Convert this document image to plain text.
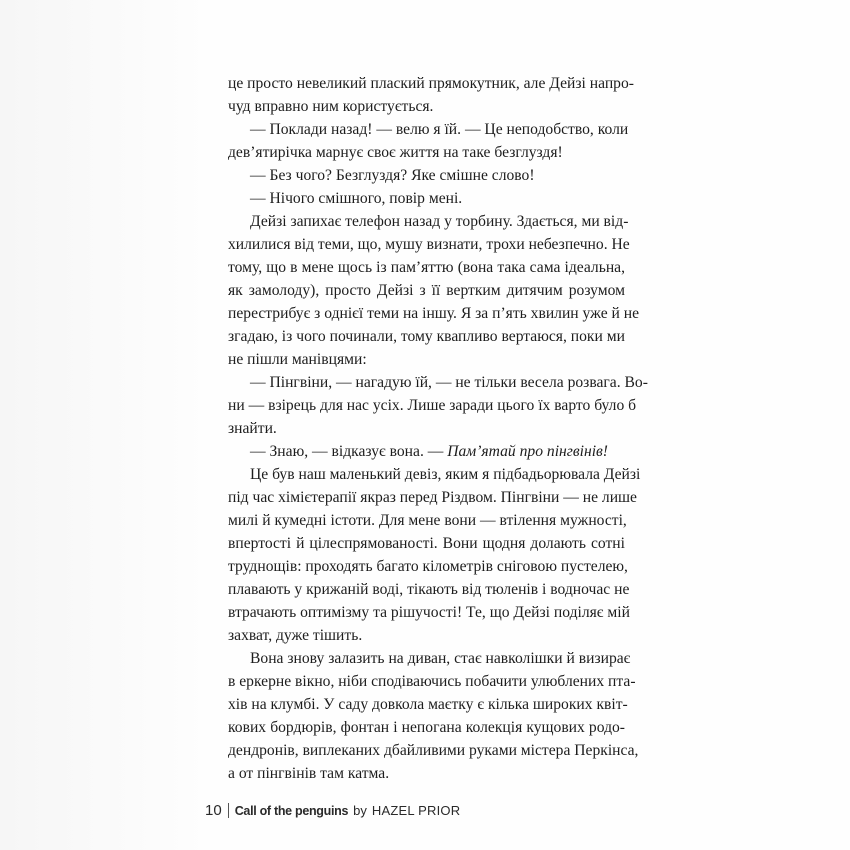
це просто невеликий плаский прямокутник, але Дейзі напро-
чуд вправно ним користується.
— Поклади назад! — велю я їй. — Це неподобство, коли
дев’ятирічка марнує своє життя на таке безглуздя!
— Без чого? Безглуздя? Яке смішне слово!
— Нічого смішного, повір мені.
Дейзі запихає телефон назад у торбину. Здається, ми від-
хилилися від теми, що, мушу визнати, трохи небезпечно. Не
тому, що в мене щось із пам’яттю (вона така сама ідеальна,
як замолоду), просто Дейзі з її вертким дитячим розумом
перестрибує з однієї теми на іншу. Я за п’ять хвилин уже й не
згадаю, із чого починали, тому квапливо вертаюся, поки ми
не пішли манівцями:
— Пінгвіни, — нагадую їй, — не тільки весела розвага. Во-
ни — взірець для нас усіх. Лише заради цього їх варто було б
знайти.
— Знаю, — відказує вона. — Пам’ятай про пінгвінів!
Це був наш маленький девіз, яким я підбадьорювала Дейзі
під час хімієтерапії якраз перед Різдвом. Пінгвіни — не лише
милі й кумедні істоти. Для мене вони — втілення мужності,
впертості й цілеспрямованості. Вони щодня долають сотні
труднощів: проходять багато кілометрів сніговою пустелею,
плавають у крижаній воді, тікають від тюленів і водночас не
втрачають оптимізму та рішучості! Те, що Дейзі поділяє мій
захват, дуже тішить.
Вона знову залазить на диван, стає навколішки й визирає
в еркерне вікно, ніби сподіваючись побачити улюблених пта-
хів на клумбі. У саду довкола маєтку є кілька широких квіт-
кових бордюрів, фонтан і непогана колекція кущових родо-
дендронів, виплеканих дбайливими руками містера Перкінса,
а от пінгвінів там катма.
10 Call of the penguins by HAZEL PRIOR
